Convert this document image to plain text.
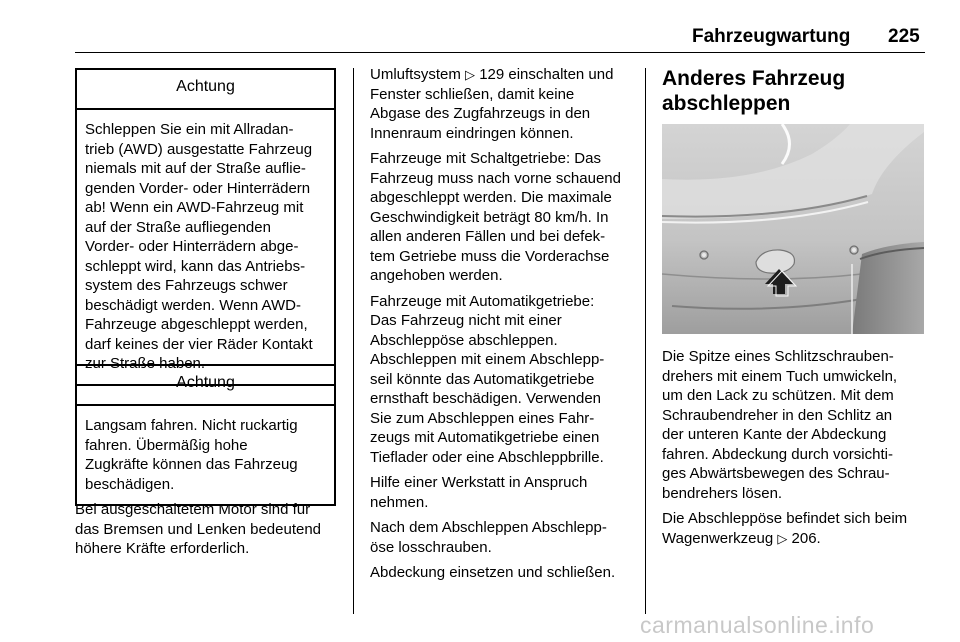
Fahrzeugwartung 225
Achtung
Schleppen Sie ein mit Allradan-
trieb (AWD) ausgestatte Fahrzeug
niemals mit auf der Straße auflie-
genden Vorder- oder Hinterrädern
ab! Wenn ein AWD-Fahrzeug mit
auf der Straße aufliegenden
Vorder- oder Hinterrädern abge-
schleppt wird, kann das Antriebs-
system des Fahrzeugs schwer
beschädigt werden. Wenn AWD-
Fahrzeuge abgeschleppt werden,
darf keines der vier Räder Kontakt
zur Straße haben.
Achtung
Langsam fahren. Nicht ruckartig
fahren. Übermäßig hohe
Zugkräfte können das Fahrzeug
beschädigen.
Bei ausgeschaltetem Motor sind für
das Bremsen und Lenken bedeutend
höhere Kräfte erforderlich.

Umluftsystem ▷ 129 einschalten und
Fenster schließen, damit keine
Abgase des Zugfahrzeugs in den
Innenraum eindringen können.

Fahrzeuge mit Schaltgetriebe: Das
Fahrzeug muss nach vorne schauend
abgeschleppt werden. Die maximale
Geschwindigkeit beträgt 80 km/h. In
allen anderen Fällen und bei defek-
tem Getriebe muss die Vorderachse
angehoben werden.

Fahrzeuge mit Automatikgetriebe:
Das Fahrzeug nicht mit einer
Abschleppöse abschleppen.
Abschleppen mit einem Abschlepp-
seil könnte das Automatikgetriebe
ernsthaft beschädigen. Verwenden
Sie zum Abschleppen eines Fahr-
zeugs mit Automatikgetriebe einen
Tieflader oder eine Abschleppbrille.

Hilfe einer Werkstatt in Anspruch
nehmen.

Nach dem Abschleppen Abschlepp-
öse losschrauben.

Abdeckung einsetzen und schließen.

Anderes Fahrzeug
abschleppen

Die Spitze eines Schlitzschrauben-
drehers mit einem Tuch umwickeln,
um den Lack zu schützen. Mit dem
Schraubendreher in den Schlitz an
der unteren Kante der Abdeckung
fahren. Abdeckung durch vorsichti-
ges Abwärtsbewegen des Schrau-
bendrehers lösen.

Die Abschleppöse befindet sich beim
Wagenwerkzeug ▷ 206.

carmanualsonline.info
